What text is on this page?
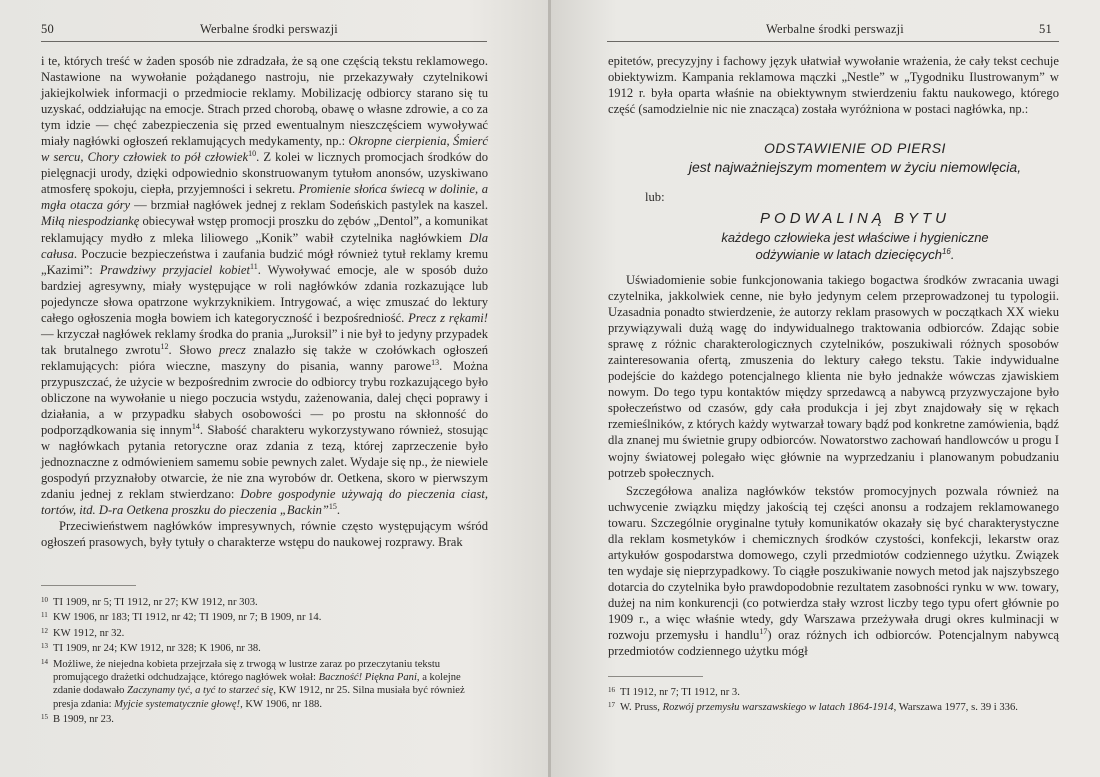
50	Werbalne środki perswazji

i te, których treść w żaden sposób nie zdradzała, że są one częścią tekstu reklamowego. Nastawione na wywołanie pożądanego nastroju, nie przekazywały czytelnikowi jakiejkolwiek informacji o przedmiocie reklamy. Mobilizację odbiorcy starano się tu uzyskać, oddziałując na emocje. Strach przed chorobą, obawę o własne zdrowie, a co za tym idzie — chęć zabezpieczenia się przed ewentualnym nieszczęściem wywoływać miały nagłówki ogłoszeń reklamujących medykamenty, np.: Okropne cierpienia, Śmierć w sercu, Chory człowiek to pół człowiek$^{10}$. Z kolei w licznych promocjach środków do pielęgnacji urody, dzięki odpowiednio skonstruowanym tytułom anonsów, uzyskiwano atmosferę spokoju, ciepła, przyjemności i sekretu. Promienie słońca świecą w dolinie, a mgła otacza góry — brzmiał nagłówek jednej z reklam Sodeńskich pastylek na kaszel. Miłą niespodziankę obiecywał wstęp promocji proszku do zębów „Dentol”, a komunikat reklamujący mydło z mleka liliowego „Konik” wabił czytelnika nagłówkiem Dla całusa. Poczucie bezpieczeństwa i zaufania budzić mógł również tytuł reklamy kremu „Kazimi”: Prawdziwy przyjaciel kobiet$^{11}$. Wywoływać emocje, ale w sposób dużo bardziej agresywny, miały występujące w roli nagłówków zdania rozkazujące lub pojedyncze słowa opatrzone wykrzyknikiem. Intrygować, a więc zmuszać do lektury całego ogłoszenia mogła bowiem ich kategoryczność i bezpośredniość. Precz z rękami! — krzyczał nagłówek reklamy środka do prania „Juroksil” i nie był to jedyny przypadek tak brutalnego zwrotu$^{12}$. Słowo precz znalazło się także w czołówkach ogłoszeń reklamujących: pióra wieczne, maszyny do pisania, wanny parowe$^{13}$. Można przypuszczać, że użycie w bezpośrednim zwrocie do odbiorcy trybu rozkazującego było obliczone na wywołanie u niego poczucia wstydu, zażenowania, dalej chęci poprawy i działania, a w przypadku słabych osobowości — po prostu na skłonność do podporządkowania się innym$^{14}$. Słabość charakteru wykorzystywano również, stosując w nagłówkach pytania retoryczne oraz zdania z tezą, której zaprzeczenie było jednoznaczne z odmówieniem samemu sobie pewnych zalet. Wydaje się np., że niewiele gospodyń przyznałoby otwarcie, że nie zna wyrobów dr. Oetkena, skoro w pierwszym zdaniu jednej z reklam stwierdzano: Dobre gospodynie używają do pieczenia ciast, tortów, itd. D-ra Oetkena proszku do pieczenia „Backin”$^{15}$.

Przeciwieństwem nagłówków impresywnych, równie często występującym wśród ogłoszeń prasowych, były tytuły o charakterze wstępu do naukowej rozprawy. Brak

10 TI 1909, nr 5; TI 1912, nr 27; KW 1912, nr 303.

11 KW 1906, nr 183; TI 1912, nr 42; TI 1909, nr 7; B 1909, nr 14.

12 KW 1912, nr 32.

13 TI 1909, nr 24; KW 1912, nr 328; K 1906, nr 38.

14 Możliwe, że niejedna kobieta przejrzała się z trwogą w lustrze zaraz po przeczytaniu tekstu promującego drażetki odchudzające, którego nagłówek wołał: Baczność! Piękna Pani, a kolejne zdanie dodawało Zaczynamy tyć, a tyć to starzeć się, KW 1912, nr 25. Silna musiała być również presja zdania: Myjcie systematycznie głowę!, KW 1906, nr 188.

15 B 1909, nr 23.

Werbalne środki perswazji	51

epitetów, precyzyjny i fachowy język ułatwiał wywołanie wrażenia, że cały tekst cechuje obiektywizm. Kampania reklamowa mączki „Nestle” w „Tygodniku Ilustrowanym” w 1912 r. była oparta właśnie na obiektywnym stwierdzeniu faktu naukowego, którego część (samodzielnie nic nie znacząca) została wyróżniona w postaci nagłówka, np.:

ODSTAWIENIE OD PIERSI
jest najważniejszym momentem w życiu niemowlęcia,
lub:
PODWALINĄ BYTU
każdego człowieka jest właściwe i hygieniczne
odżywianie w latach dziecięcych$^{16}$.

Uświadomienie sobie funkcjonowania takiego bogactwa środków zwracania uwagi czytelnika, jakkolwiek cenne, nie było jedynym celem przeprowadzonej tu typologii. Uzasadnia ponadto stwierdzenie, że autorzy reklam prasowych w początkach XX wieku przywiązywali dużą wagę do indywidualnego traktowania odbiorców. Zdając sobie sprawę z różnic charakterologicznych czytelników, poszukiwali różnych sposobów zainteresowania ofertą, zmuszenia do lektury całego tekstu. Takie indywidualne podejście do każdego potencjalnego klienta nie było jednakże wówczas zjawiskiem nowym. Do tego typu kontaktów między sprzedawcą a nabywcą przyzwyczajone było społeczeństwo od czasów, gdy cała produkcja i jej zbyt znajdowały się w rękach rzemieślników, z których każdy wytwarzał towary bądź pod konkretne zamówienia, bądź dla znanej mu świetnie grupy odbiorców. Nowatorstwo zachowań handlowców u progu I wojny światowej polegało więc głównie na wyprzedzaniu i planowanym pobudzaniu potrzeb społecznych.

Szczegółowa analiza nagłówków tekstów promocyjnych pozwala również na uchwycenie związku między jakością tej części anonsu a rodzajem reklamowanego towaru. Szczególnie oryginalne tytuły komunikatów okazały się być charakterystyczne dla reklam kosmetyków i chemicznych środków czystości, konfekcji, lekarstw oraz artykułów gospodarstwa domowego, czyli przedmiotów codziennego użytku. Związek ten wydaje się nieprzypadkowy. To ciągłe poszukiwanie nowych metod jak najszybszego dotarcia do czytelnika było prawdopodobnie rezultatem zasobności rynku w ww. towary, dużej na nim konkurencji (co potwierdza stały wzrost liczby tego typu ofert głównie po 1909 r., a więc właśnie wtedy, gdy Warszawa przeżywała drugi okres kulminacji w rozwoju przemysłu i handlu$^{17}$) oraz różnych ich odbiorców. Potencjalnym nabywcą przedmiotów codziennego użytku mógł

16 TI 1912, nr 7; TI 1912, nr 3.

17 W. Pruss, Rozwój przemysłu warszawskiego w latach 1864-1914, Warszawa 1977, s. 39 i 336.
